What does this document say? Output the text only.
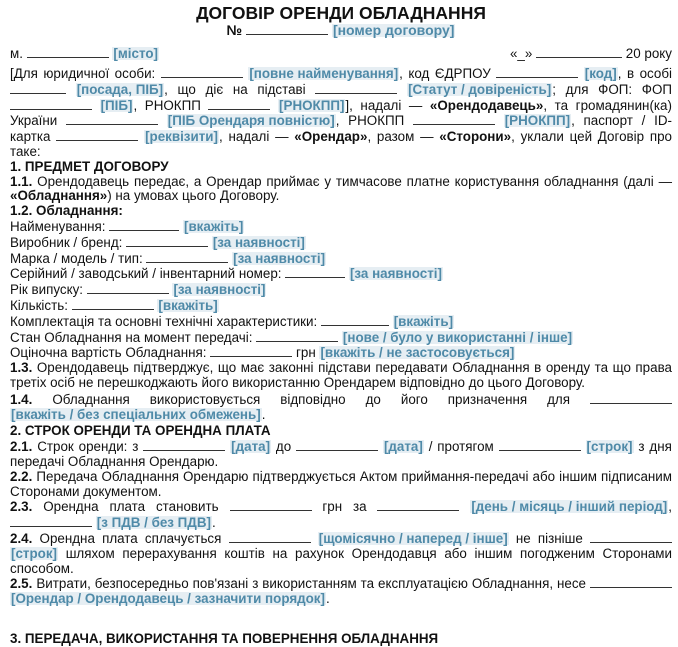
ДОГОВІР ОРЕНДИ ОБЛАДНАННЯ
№	[номер договору]
м.	[місто]	«_»	20 року

[Для юридичної особи:	[повне найменування], код ЄДРПОУ	[код], в особі  [посада, ПІБ], що діє на підставі	[Статут / довіреність]; для ФОП: ФОП  [ПІБ], РНОКПП	[РНОКПП]], надалі — «Орендодавець», та громадянин(ка) України	[ПІБ Орендаря повністю], РНОКПП	[РНОКПП], паспорт / ID-картка	[реквізити], надалі — «Орендар», разом — «Сторони», уклали цей Договір про таке:

1. ПРЕДМЕТ ДОГОВОРУ

1.1. Орендодавець передає, а Орендар приймає у тимчасове платне користування обладнання (далі — «Обладнання») на умовах цього Договору.

1.2. Обладнання:

Найменування:	[вкажіть]

Виробник / бренд:	[за наявності]

Марка / модель / тип:	[за наявності]

Серійний / заводський / інвентарний номер:	[за наявності]

Рік випуску:	[за наявності]

Кількість:	[вкажіть]

Комплектація та основні технічні характеристики:	[вкажіть]

Стан Обладнання на момент передачі:	[нове / було у використанні / інше]

Оціночна вартість Обладнання:	грн [вкажіть / не застосовується]

1.3. Орендодавець підтверджує, що має законні підстави передавати Обладнання в оренду та що права третіх осіб не перешкоджають його використанню Орендарем відповідно до цього Договору.

1.4. Обладнання використовується відповідно до його призначення для  [вкажіть / без спеціальних обмежень].

2. СТРОК ОРЕНДИ ТА ОРЕНДНА ПЛАТА

2.1. Строк оренди: з	[дата] до	[дата] / протягом	[строк] з дня передачі Обладнання Орендарю.

2.2. Передача Обладнання Орендарю підтверджується Актом приймання-передачі або іншим підписаним Сторонами документом.

2.3. Орендна плата становить	грн за	[день / місяць / інший період],  [з ПДВ / без ПДВ].

2.4. Орендна плата сплачується	[щомісячно / наперед / інше] не пізніше  [строк] шляхом перерахування коштів на рахунок Орендодавця або іншим погодженим Сторонами способом.

2.5. Витрати, безпосередньо пов'язані з використанням та експлуатацією Обладнання, несе  [Орендар / Орендодавець / зазначити порядок].

3. ПЕРЕДАЧА, ВИКОРИСТАННЯ ТА ПОВЕРНЕННЯ ОБЛАДНАННЯ
